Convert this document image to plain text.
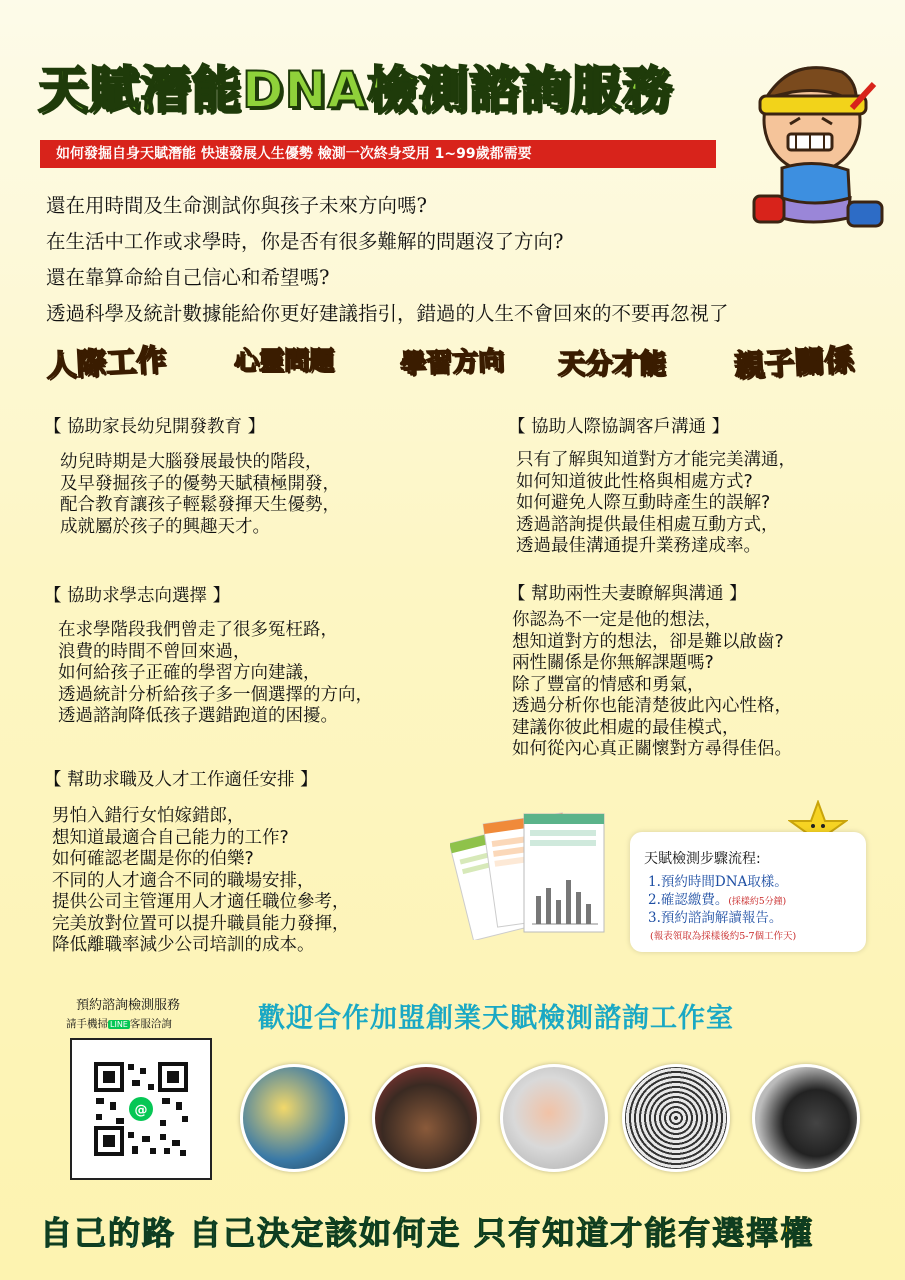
天賦潛能DNA檢測諮詢服務
如何發掘自身天賦潛能 快速發展人生優勢 檢測一次終身受用 1~99歲都需要
還在用時間及生命測試你與孩子未來方向嗎?
在生活中工作或求學時，你是否有很多難解的問題沒了方向?
還在靠算命給自己信心和希望嗎?
透過科學及統計數據能給你更好建議指引，錯過的人生不會回來的不要再忽視了
人際工作	心靈問題	學習方向 天分才能 親子關係
【 協助家長幼兒開發教育 】
幼兒時期是大腦發展最快的階段，
及早發掘孩子的優勢天賦積極開發，
配合教育讓孩子輕鬆發揮天生優勢，
成就屬於孩子的興趣天才。
【 協助人際協調客戶溝通 】
只有了解與知道對方才能完美溝通，
如何知道彼此性格與相處方式?
如何避免人際互動時產生的誤解?
透過諮詢提供最佳相處互動方式，
透過最佳溝通提升業務達成率。
【 協助求學志向選擇 】
在求學階段我們曾走了很多冤枉路，
浪費的時間不曾回來過，
如何給孩子正確的學習方向建議，
透過統計分析給孩子多一個選擇的方向，
透過諮詢降低孩子選錯跑道的困擾。
【 幫助兩性夫妻瞭解與溝通 】
你認為不一定是他的想法，
想知道對方的想法，卻是難以啟齒?
兩性關係是你無解課題嗎?
除了豐富的情感和勇氣，
透過分析你也能清楚彼此內心性格，
建議你彼此相處的最佳模式，
如何從內心真正關懷對方尋得佳侶。
【 幫助求職及人才工作適任安排 】
男怕入錯行女怕嫁錯郎，
想知道最適合自己能力的工作?
如何確認老闆是你的伯樂?
不同的人才適合不同的職場安排，
提供公司主管運用人才適任職位參考，
完美放對位置可以提升職員能力發揮，
降低離職率減少公司培訓的成本。
天賦檢測步驟流程:
1.預約時間DNA取樣。
2.確認繳費。(採樣約5分鐘)
3.預約諮詢解讀報告。
(報表領取為採樣後約5-7個工作天)
預約諮詢檢測服務
請手機掃 LINE 客服洽詢
@
歡迎合作加盟創業天賦檢測諮詢工作室
自己的路 自己決定該如何走 只有知道才能有選擇權
